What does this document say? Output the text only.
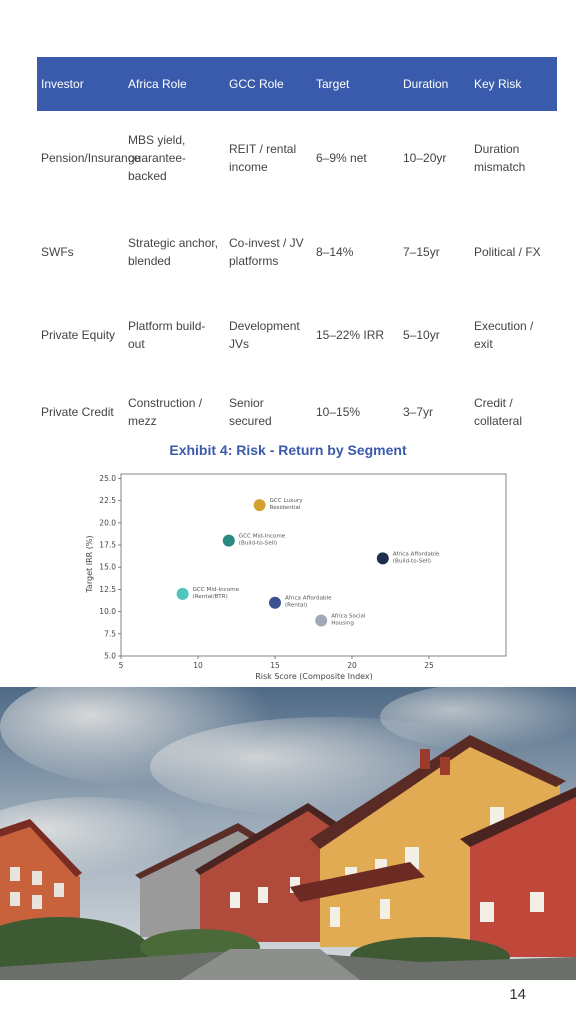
Investor	Africa Role	GCC Role	Target	Duration	Key Risk
Pension/Insurance	MBS yield, guarantee-backed	REIT / rental income	6–9% net	10–20yr	Duration mismatch
SWFs	Strategic anchor, blended	Co-invest / JV platforms	8–14%	7–15yr	Political / FX
Private Equity	Platform build-out	Development JVs	15–22% IRR	5–10yr	Execution / exit
Private Credit	Construction / mezz	Senior secured	10–15%	3–7yr	Credit / collateral
Exhibit 4: Risk - Return by Segment
5	10	15	20	25
5.0
7.5
10.0
12.5
15.0
17.5
20.0
22.5
25.0
GCC Luxury Residential
GCC Mid-Income (Build-to-Sell)
Africa Affordable (Build-to-Sell)
GCC Mid-Income (Rental/BTR)	Africa Affordable (Rental)
Africa Social Housing
Risk Score (Composite Index)
Target IRR (%)
14
